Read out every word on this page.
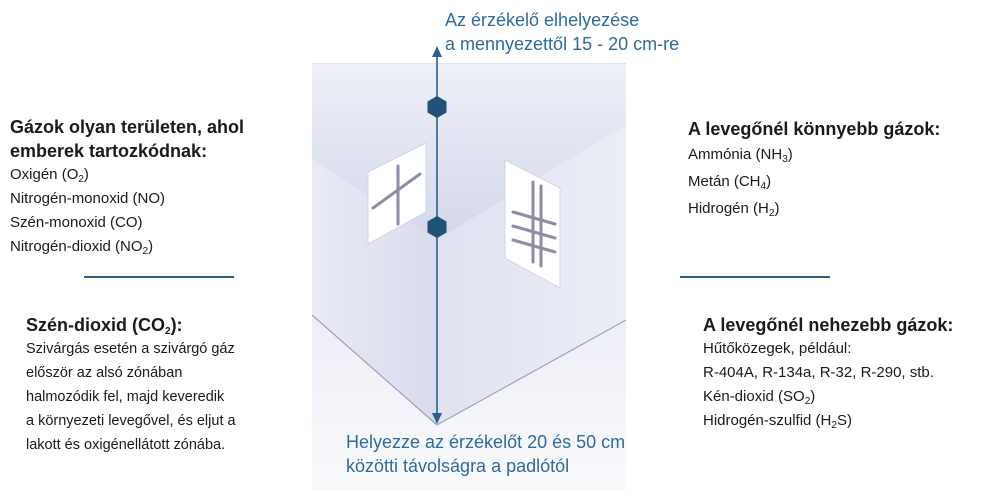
Az érzékelő elhelyezése
a mennyezettől 15 - 20 cm-re
Helyezze az érzékelőt 20 és 50 cm
közötti távolságra a padlótól
Gázok olyan területen, ahol
emberek tartozkódnak:
Oxigén $(O_2)$
Nitrogén-monoxid (NO)
Szén-monoxid (CO)
Nitrogén-dioxid $(NO_2)$
Szén-dioxid $(CO_2)$:
Szivárgás esetén a szivárgó gáz
először az alsó zónában
halmozódik fel, majd keveredik
a környezeti levegővel, és eljut a
lakott és oxigénellátott zónába.
A levegőnél könnyebb gázok:
Ammónia $(NH_3)$
Metán $(CH_4)$
Hidrogén $(H_2)$
A levegőnél nehezebb gázok:
Hűtőközegek, például:
R-404A, R-134a, R-32, R-290, stb.
Kén-dioxid $(SO_2)$
Hidrogén-szulfid $(H_2S)$
